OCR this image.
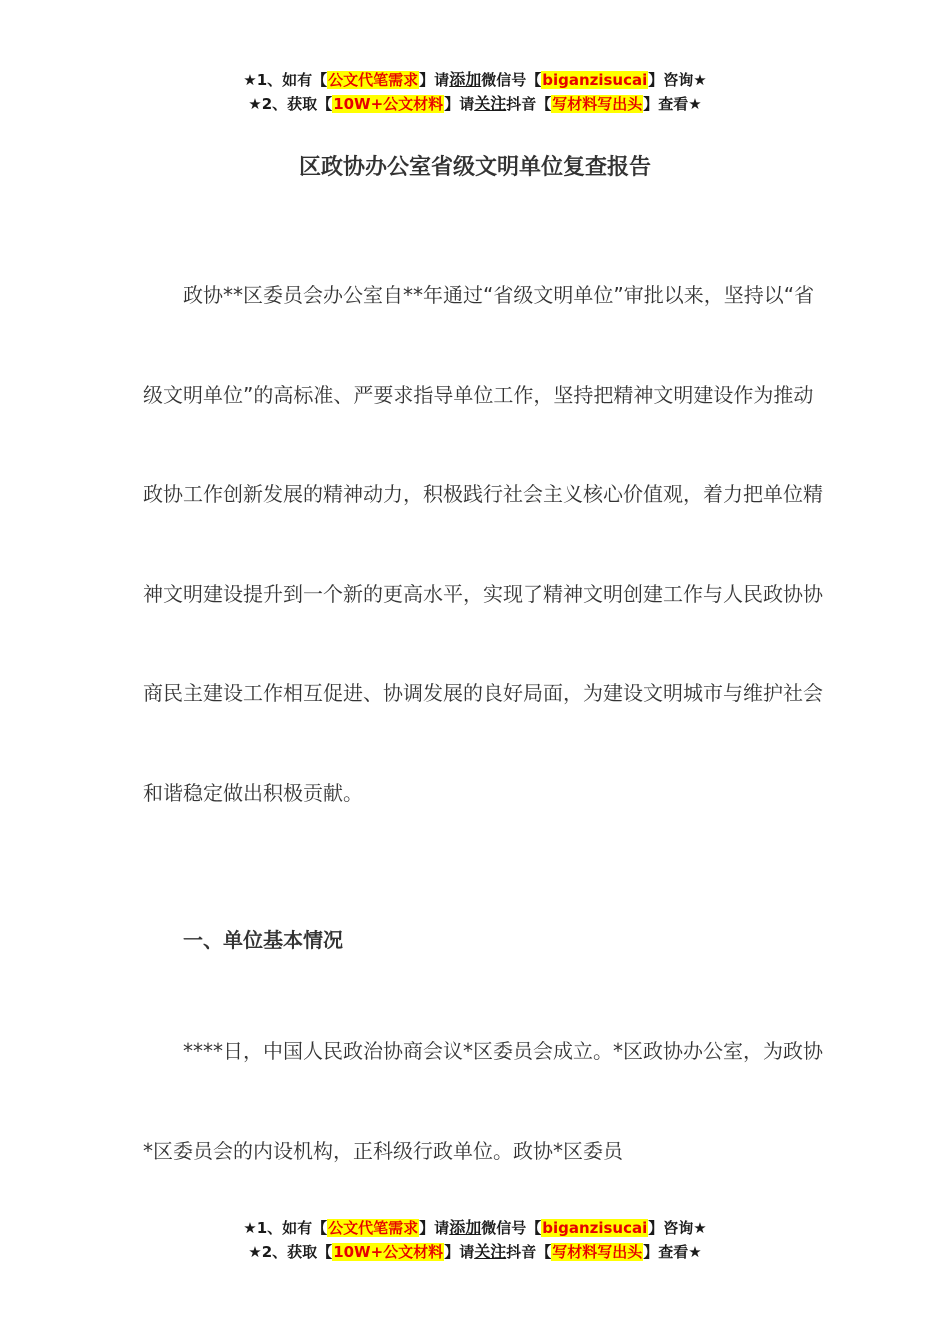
★1、如有【公文代笔需求】请添加微信号【biganzisucai】咨询★
★2、获取【10W+公文材料】请关注抖音【写材料写出头】查看★
区政协办公室省级文明单位复查报告
政协**区委员会办公室自**年通过“省级文明单位”审批以来，坚持以“省级文明单位”的高标准、严要求指导单位工作，坚持把精神文明建设作为推动政协工作创新发展的精神动力，积极践行社会主义核心价值观，着力把单位精神文明建设提升到一个新的更高水平，实现了精神文明创建工作与人民政协协商民主建设工作相互促进、协调发展的良好局面，为建设文明城市与维护社会和谐稳定做出积极贡献。
一、单位基本情况
****日，中国人民政治协商会议*区委员会成立。*区政协办公室，为政协*区委员会的内设机构，正科级行政单位。政协*区委员
★1、如有【公文代笔需求】请添加微信号【biganzisucai】咨询★
★2、获取【10W+公文材料】请关注抖音【写材料写出头】查看★
